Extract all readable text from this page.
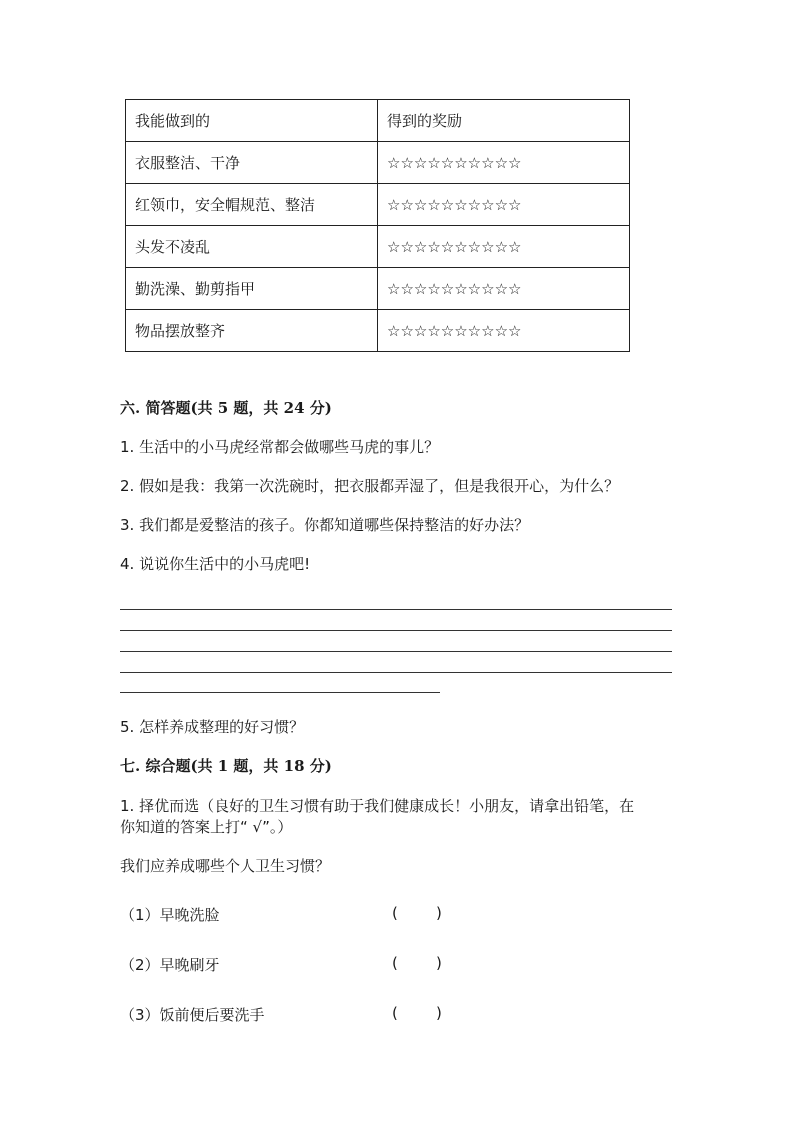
我能做到的	得到的奖励
衣服整洁、干净	☆☆☆☆☆☆☆☆☆☆
红领巾，安全帽规范、整洁	☆☆☆☆☆☆☆☆☆☆
头发不凌乱	☆☆☆☆☆☆☆☆☆☆
勤洗澡、勤剪指甲	☆☆☆☆☆☆☆☆☆☆
物品摆放整齐	☆☆☆☆☆☆☆☆☆☆
六. 简答题(共 5 题，共 24 分)
1. 生活中的小马虎经常都会做哪些马虎的事儿？
2. 假如是我：我第一次洗碗时，把衣服都弄湿了，但是我很开心，为什么？
3. 我们都是爱整洁的孩子。你都知道哪些保持整洁的好办法？
4. 说说你生活中的小马虎吧!
5. 怎样养成整理的好习惯？
七. 综合题(共 1 题，共 18 分)
1. 择优而选（良好的卫生习惯有助于我们健康成长！小朋友，请拿出铅笔，在
你知道的答案上打“ √”。）
我们应养成哪些个人卫生习惯？
（1）早晚洗脸	(        )
（2）早晚刷牙	(        )
（3）饭前便后要洗手	(        )
